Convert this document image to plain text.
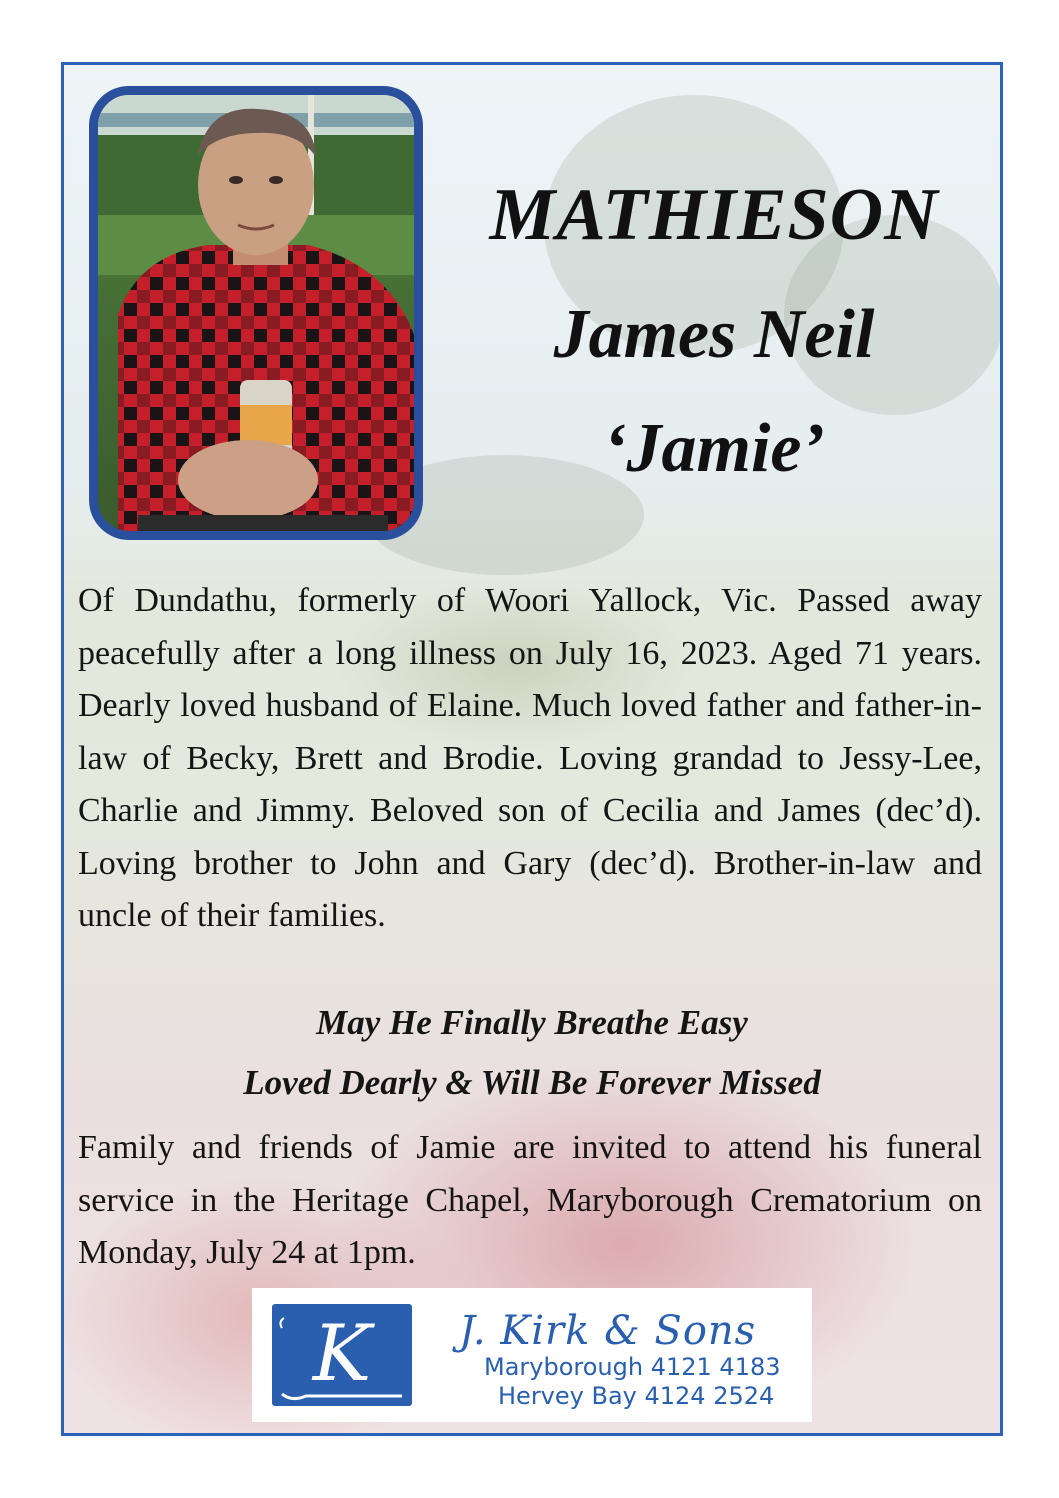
MATHIESON
James Neil
‘Jamie’

Of Dundathu, formerly of Woori Yallock, Vic. Passed away peacefully after a long illness on July 16, 2023. Aged 71 years. Dearly loved husband of Elaine. Much loved father and father-in-law of Becky, Brett and Brodie. Loving grandad to Jessy-Lee, Charlie and Jimmy. Beloved son of Cecilia and James (dec’d). Loving brother to John and Gary (dec’d). Brother-in-law and uncle of their families.

May He Finally Breathe Easy
Loved Dearly & Will Be Forever Missed

Family and friends of Jamie are invited to attend his funeral service in the Heritage Chapel, Maryborough Crematorium on Monday, July 24 at 1pm.

K J. Kirk & Sons
Maryborough 4121 4183
Hervey Bay 4124 2524
